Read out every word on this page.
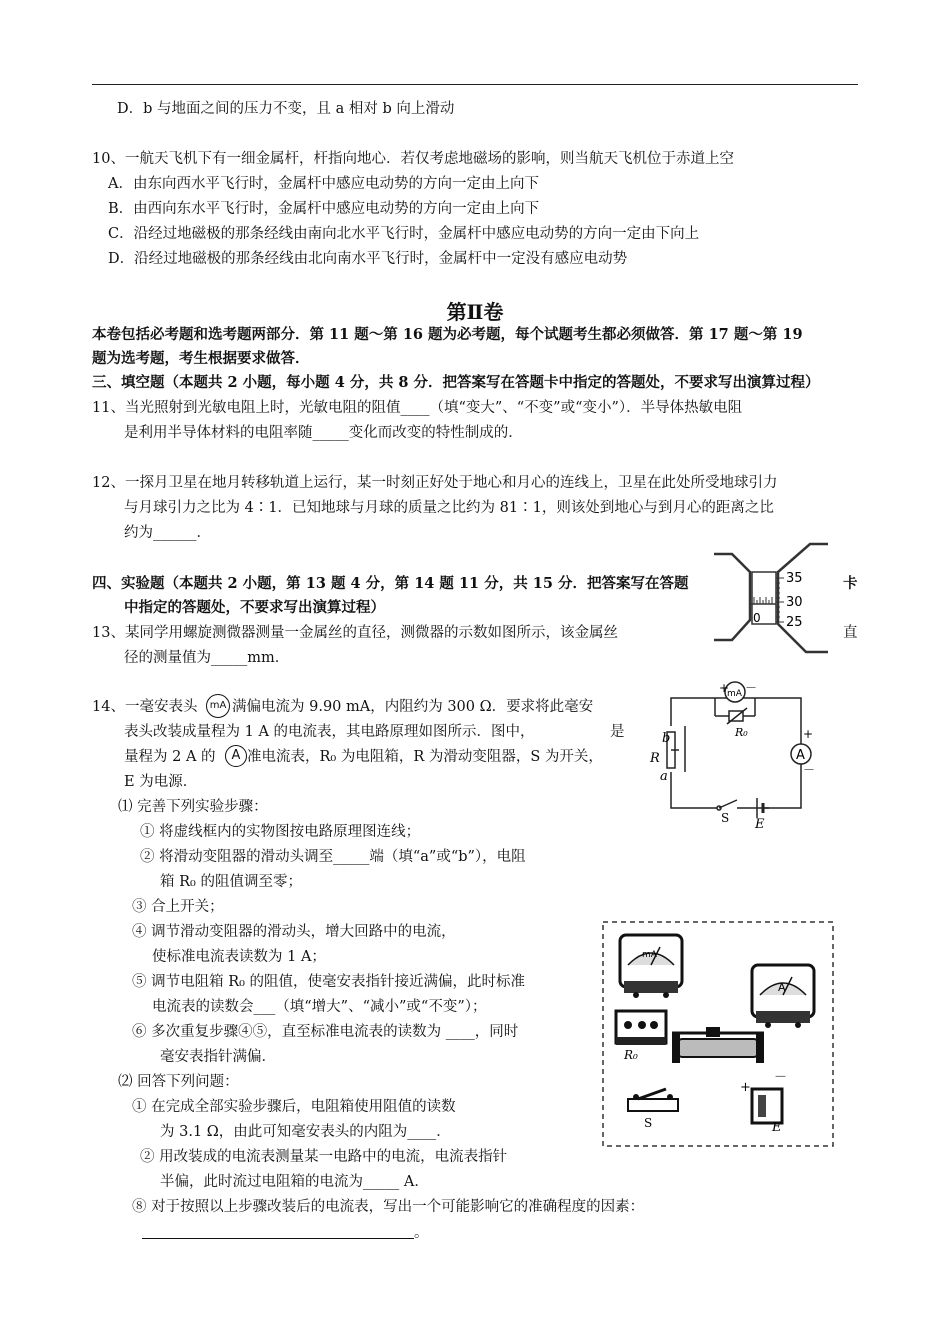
D．b 与地面之间的压力不变，且 a 相对 b 向上滑动
10、一航天飞机下有一细金属杆，杆指向地心．若仅考虑地磁场的影响，则当航天飞机位于赤道上空
A．由东向西水平飞行时，金属杆中感应电动势的方向一定由上向下
B．由西向东水平飞行时，金属杆中感应电动势的方向一定由上向下
C．沿经过地磁极的那条经线由南向北水平飞行时，金属杆中感应电动势的方向一定由下向上
D．沿经过地磁极的那条经线由北向南水平飞行时，金属杆中一定没有感应电动势
第Ⅱ卷
本卷包括必考题和选考题两部分．第 11 题～第 16 题为必考题，每个试题考生都必须做答．第 17 题～第 19
题为选考题，考生根据要求做答．
三、填空题（本题共 2 小题，每小题 4 分，共 8 分．把答案写在答题卡中指定的答题处，不要求写出演算过程）
11、当光照射到光敏电阻上时，光敏电阻的阻值____（填“变大”、“不变”或“变小”）．半导体热敏电阻
是利用半导体材料的电阻率随_____变化而改变的特性制成的．
12、一探月卫星在地月转移轨道上运行，某一时刻正好处于地心和月心的连线上，卫星在此处所受地球引力
与月球引力之比为 4∶1．已知地球与月球的质量之比约为 81∶1，则该处到地心与到月心的距离之比
约为______．
四、实验题（本题共 2 小题，第 13 题 4 分，第 14 题 11 分，共 15 分．把答案写在答题	卡
中指定的答题处，不要求写出演算过程）
13、某同学用螺旋测微器测量一金属丝的直径，测微器的示数如图所示，该金属丝	直
径的测量值为_____mm．
35
30
25
0
14、一毫安表头	mA 满偏电流为 9.90 mA，内阻约为 300 Ω．要求将此毫安
表头改装成量程为 1 A 的电流表，其电路原理如图所示．图中，	是
量程为 2 A 的	A 准电流表，R₀ 为电阻箱，R 为滑动变阻器，S 为开关，
E 为电源．
⑴ 完善下列实验步骤：
① 将虚线框内的实物图按电路原理图连线；
② 将滑动变阻器的滑动头调至_____端（填“a”或“b”），电阻
箱 R₀ 的阻值调至零；
③ 合上开关；
④ 调节滑动变阻器的滑动头，增大回路中的电流，
使标准电流表读数为 1 A；
⑤ 调节电阻箱 R₀ 的阻值，使毫安表指针接近满偏，此时标准
电流表的读数会___（填“增大”、“减小”或“不变”）；
⑥ 多次重复步骤④⑤，直至标准电流表的读数为 ____，同时
毫安表指针满偏．
⑵ 回答下列问题：
① 在完成全部实验步骤后，电阻箱使用阻值的读数
为 3.1 Ω，由此可知毫安表头的内阻为____．
② 用改装成的电流表测量某一电路中的电流，电流表指针
半偏，此时流过电阻箱的电流为_____ A．
⑧ 对于按照以上步骤改装后的电流表，写出一个可能影响它的准确程度的因素：
。
mA
+ －
R₀
A
+
－
b
R
a
S E
mA
A
R₀
S
+
－
E
